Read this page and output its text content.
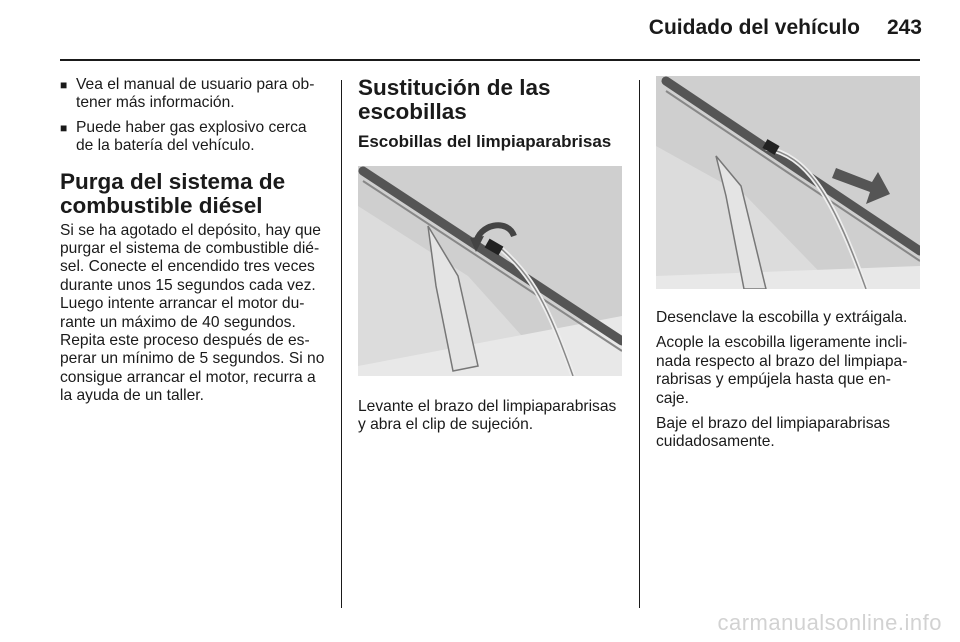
Cuidado del vehículo	243
■ Vea el manual de usuario para ob-tener más información.
■ Puede haber gas explosivo cerca de la batería del vehículo.
Purga del sistema de combustible diésel

Si se ha agotado el depósito, hay que purgar el sistema de combustible dié-sel. Conecte el encendido tres veces durante unos 15 segundos cada vez. Luego intente arrancar el motor du-rante un máximo de 40 segundos. Repita este proceso después de es-perar un mínimo de 5 segundos. Si no consigue arrancar el motor, recurra a la ayuda de un taller.

Sustitución de las escobillas
Escobillas del limpiaparabrisas

Levante el brazo del limpiaparabrisas y abra el clip de sujeción.

Desenclave la escobilla y extráigala.

Acople la escobilla ligeramente incli-nada respecto al brazo del limpiapa-rabrisas y empújela hasta que en-caje.

Baje el brazo del limpiaparabrisas cuidadosamente.

carmanualsonline.info
